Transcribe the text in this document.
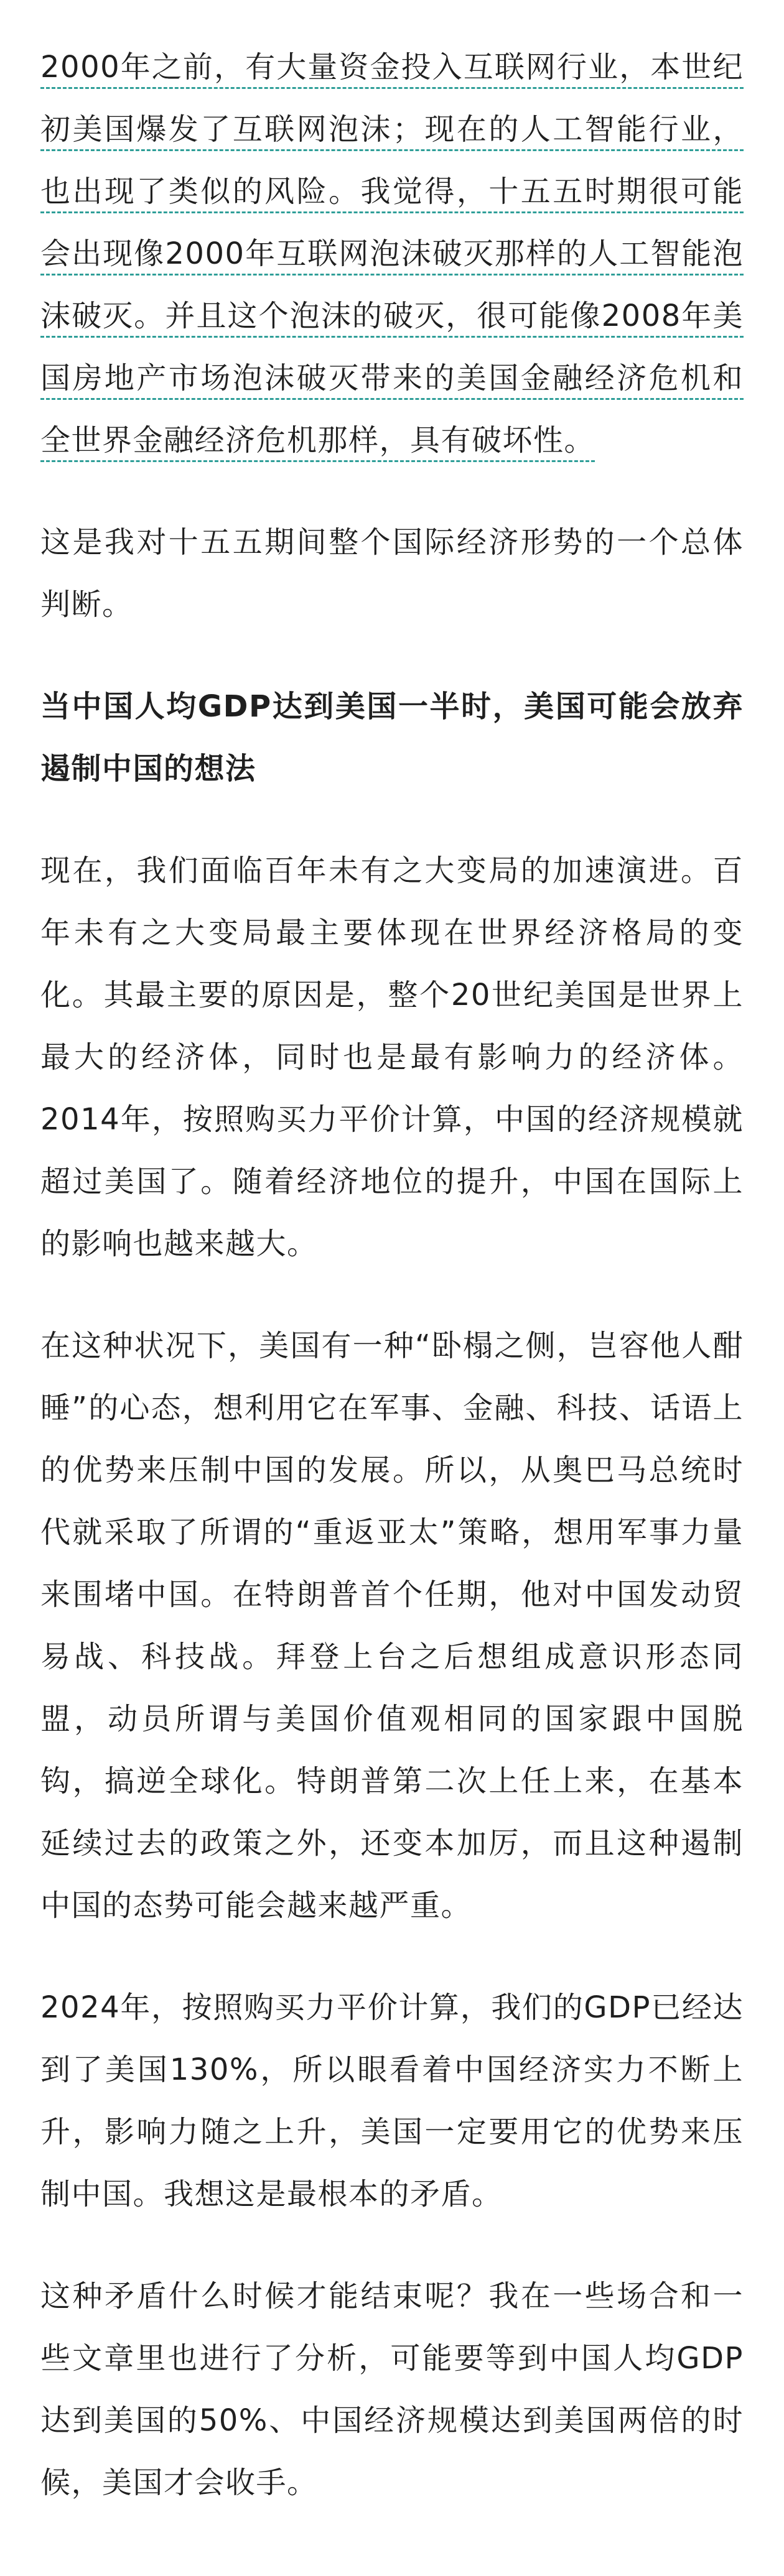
2000年之前，有大量资金投入互联网行业，本世纪初美国爆发了互联网泡沫；现在的人工智能行业，也出现了类似的风险。我觉得，十五五时期很可能会出现像2000年互联网泡沫破灭那样的人工智能泡沫破灭。并且这个泡沫的破灭，很可能像2008年美国房地产市场泡沫破灭带来的美国金融经济危机和全世界金融经济危机那样，具有破坏性。

这是我对十五五期间整个国际经济形势的一个总体判断。

当中国人均GDP达到美国一半时，美国可能会放弃遏制中国的想法

现在，我们面临百年未有之大变局的加速演进。百年未有之大变局最主要体现在世界经济格局的变化。其最主要的原因是，整个20世纪美国是世界上最大的经济体，同时也是最有影响力的经济体。2014年，按照购买力平价计算，中国的经济规模就超过美国了。随着经济地位的提升，中国在国际上的影响也越来越大。

在这种状况下，美国有一种“卧榻之侧，岂容他人酣睡”的心态，想利用它在军事、金融、科技、话语上的优势来压制中国的发展。所以，从奥巴马总统时代就采取了所谓的“重返亚太”策略，想用军事力量来围堵中国。在特朗普首个任期，他对中国发动贸易战、科技战。拜登上台之后想组成意识形态同盟，动员所谓与美国价值观相同的国家跟中国脱钩，搞逆全球化。特朗普第二次上任上来，在基本延续过去的政策之外，还变本加厉，而且这种遏制中国的态势可能会越来越严重。

2024年，按照购买力平价计算，我们的GDP已经达到了美国130%，所以眼看着中国经济实力不断上升，影响力随之上升，美国一定要用它的优势来压制中国。我想这是最根本的矛盾。

这种矛盾什么时候才能结束呢？我在一些场合和一些文章里也进行了分析，可能要等到中国人均GDP达到美国的50%、中国经济规模达到美国两倍的时候，美国才会收手。
